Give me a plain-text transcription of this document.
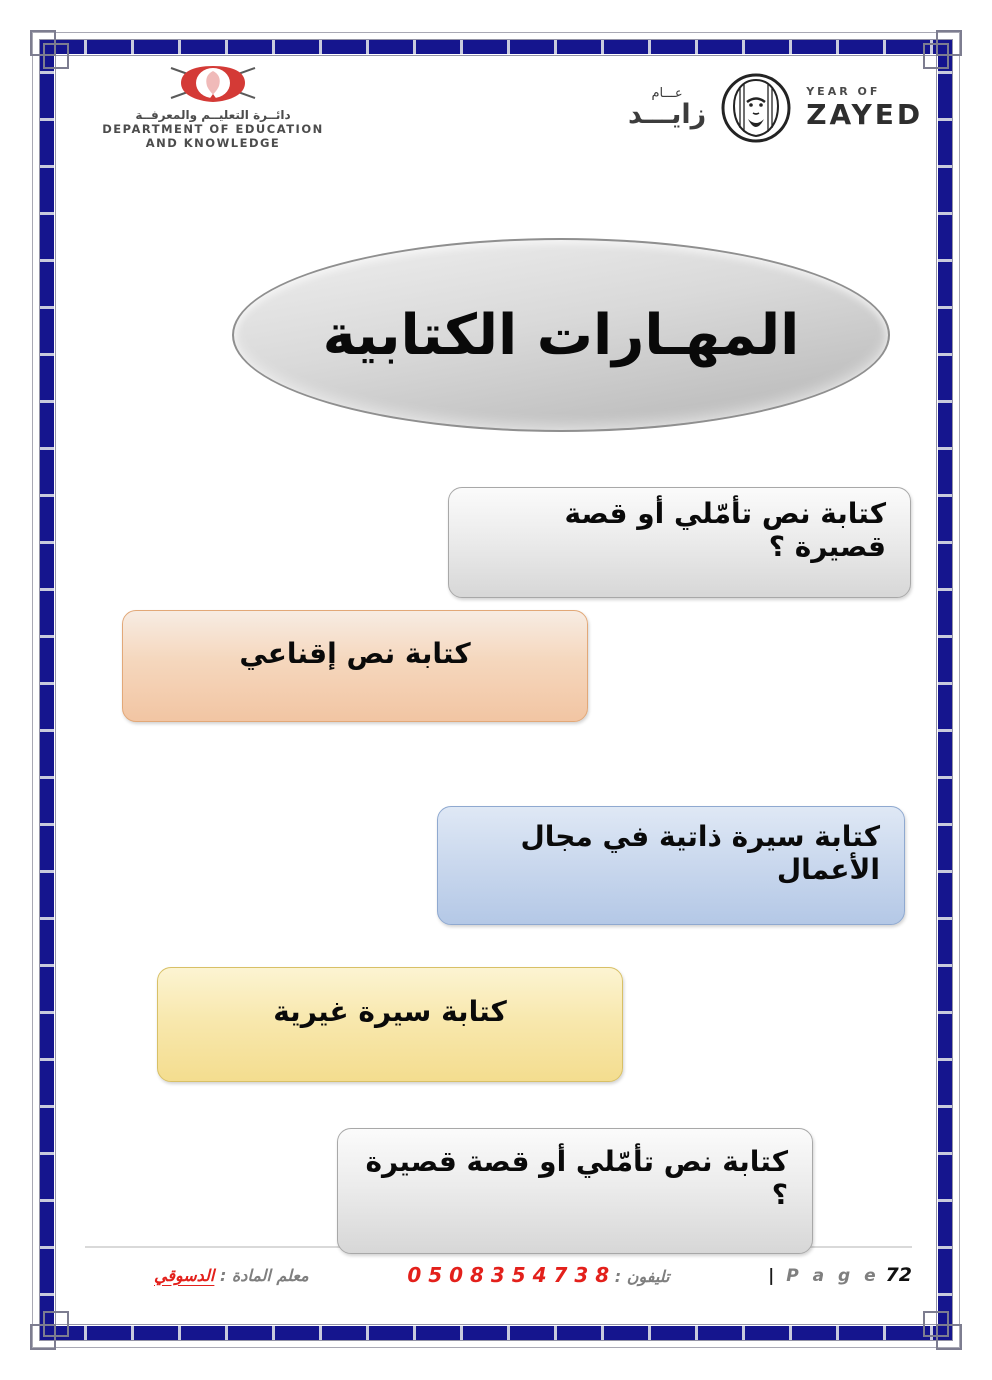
دائــرة التعليــم والمعرفــة
DEPARTMENT OF EDUCATION
AND KNOWLEDGE
عـــام
زايـــد
YEAR OF
ZAYED
المهـارات الكتابية
كتابة نص تأمّلي أو قصة قصيرة ؟
كتابة نص إقناعي
كتابة سيرة ذاتية في مجال الأعمال
كتابة سيرة غيرية
كتابة نص تأمّلي أو قصة قصيرة ؟
معلم المادة : الدسوقي	تليفون : 0 5 0 8 3 5 4 7 3 8	| P a g e 72
